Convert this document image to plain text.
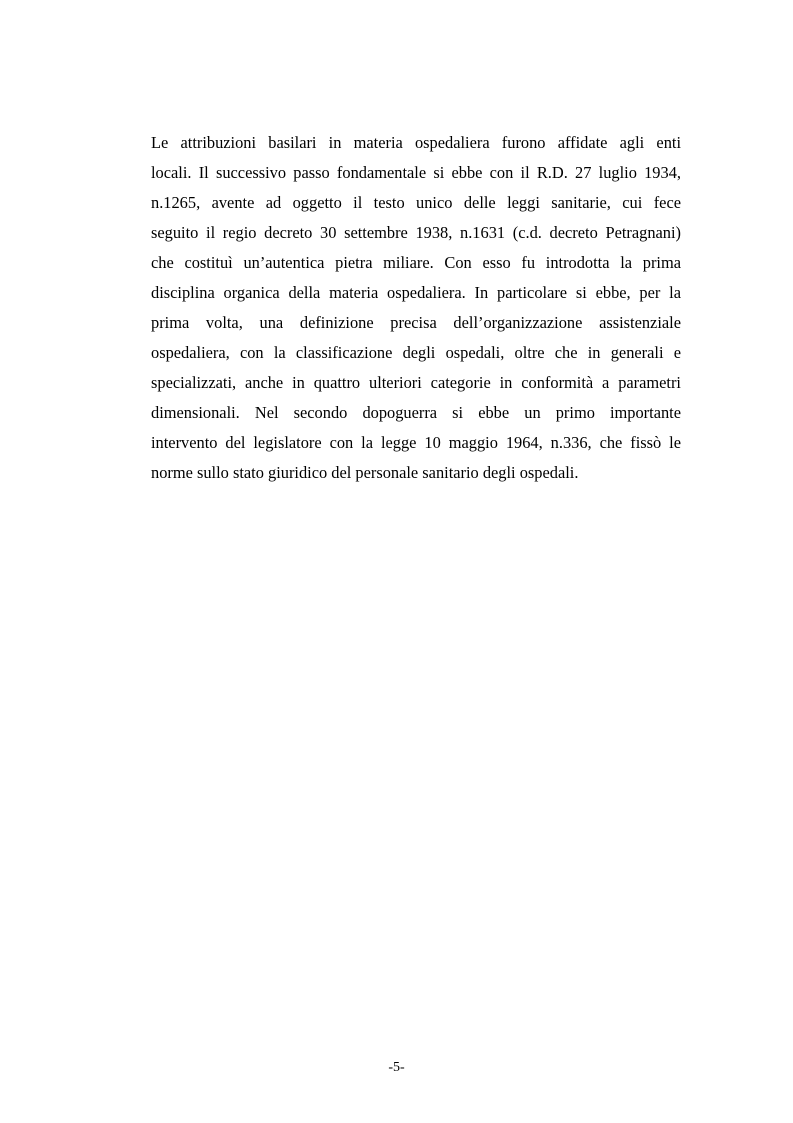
Le attribuzioni basilari in materia ospedaliera furono affidate agli enti
locali. Il successivo passo fondamentale si ebbe con il R.D. 27 luglio 1934,
n.1265, avente ad oggetto il testo unico delle leggi sanitarie, cui fece
seguito il regio decreto 30 settembre 1938, n.1631 (c.d. decreto Petragnani)
che costituì un’autentica pietra miliare. Con esso fu introdotta la prima
disciplina organica della materia ospedaliera. In particolare si ebbe, per la
prima volta, una definizione precisa dell’organizzazione assistenziale
ospedaliera, con la classificazione degli ospedali, oltre che in generali e
specializzati, anche in quattro ulteriori categorie in conformità a parametri
dimensionali. Nel secondo dopoguerra si ebbe un primo importante
intervento del legislatore con la legge 10 maggio 1964, n.336, che fissò le
norme sullo stato giuridico del personale sanitario degli ospedali.
-5-
